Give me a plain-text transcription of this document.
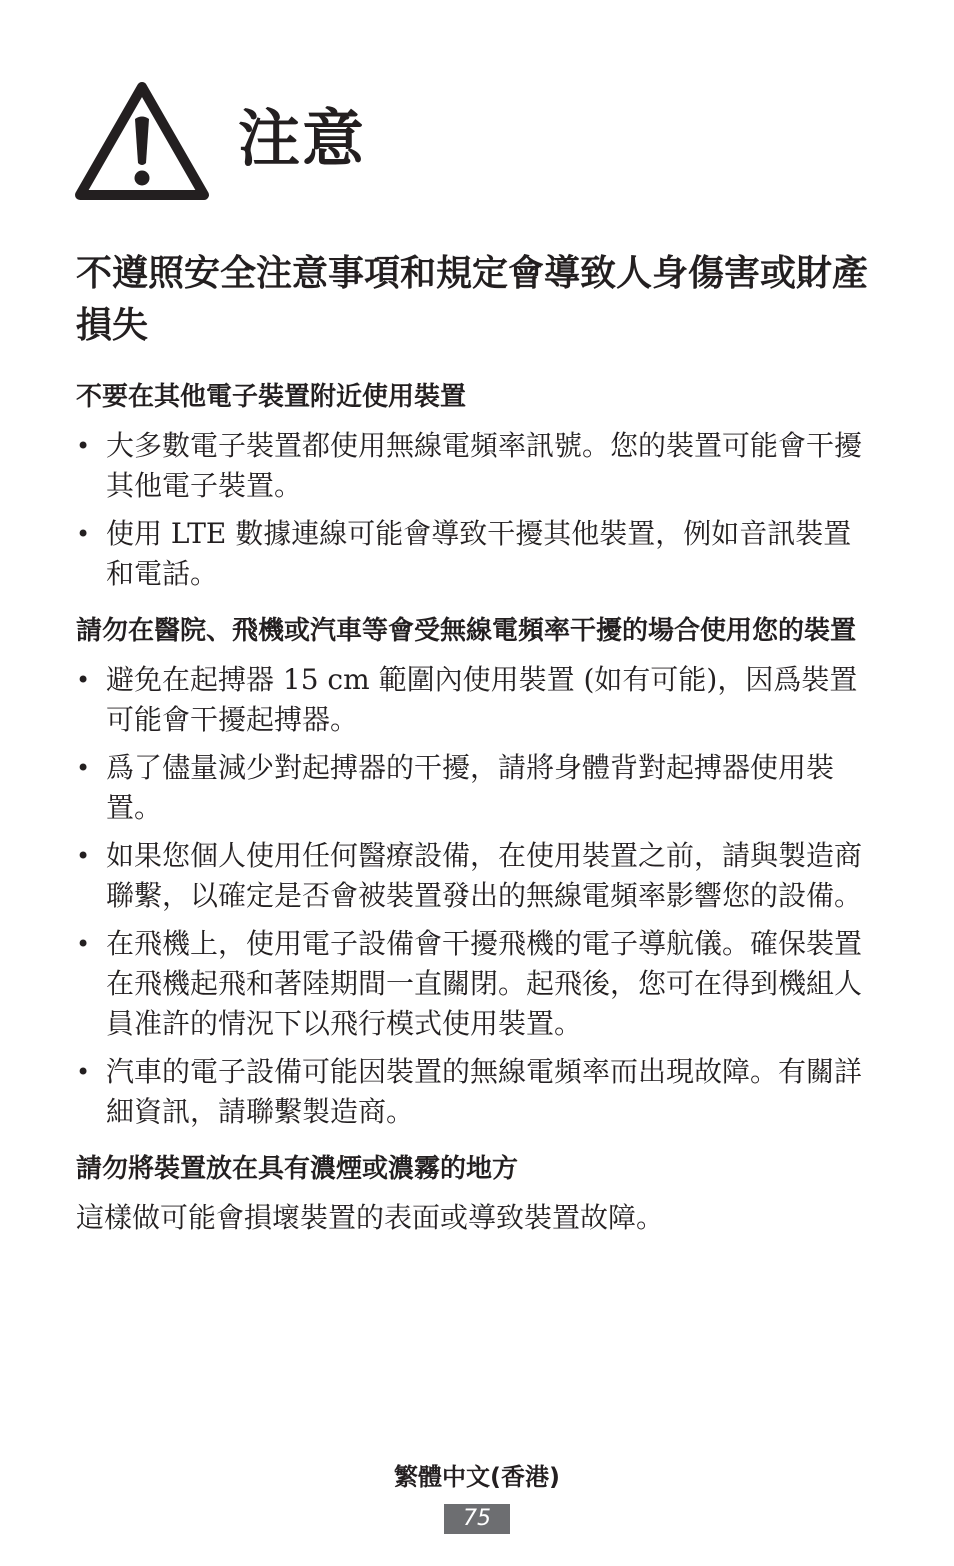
注意
不遵照安全注意事項和規定會導致人身傷害或財產損失
不要在其他電子裝置附近使用裝置
• 大多數電子裝置都使用無線電頻率訊號。您的裝置可能會干擾其他電子裝置。
• 使用 LTE 數據連線可能會導致干擾其他裝置，例如音訊裝置和電話。
請勿在醫院、飛機或汽車等會受無線電頻率干擾的場合使用您的裝置
• 避免在起搏器 15 cm 範圍內使用裝置 (如有可能)，因爲裝置可能會干擾起搏器。
• 爲了儘量減少對起搏器的干擾，請將身體背對起搏器使用裝置。
• 如果您個人使用任何醫療設備，在使用裝置之前，請與製造商聯繫，以確定是否會被裝置發出的無線電頻率影響您的設備。
• 在飛機上，使用電子設備會干擾飛機的電子導航儀。確保裝置在飛機起飛和著陸期間一直關閉。起飛後，您可在得到機組人員准許的情況下以飛行模式使用裝置。
• 汽車的電子設備可能因裝置的無線電頻率而出現故障。有關詳細資訊，請聯繫製造商。
請勿將裝置放在具有濃煙或濃霧的地方

這樣做可能會損壞裝置的表面或導致裝置故障。

繁體中文(香港)
75
